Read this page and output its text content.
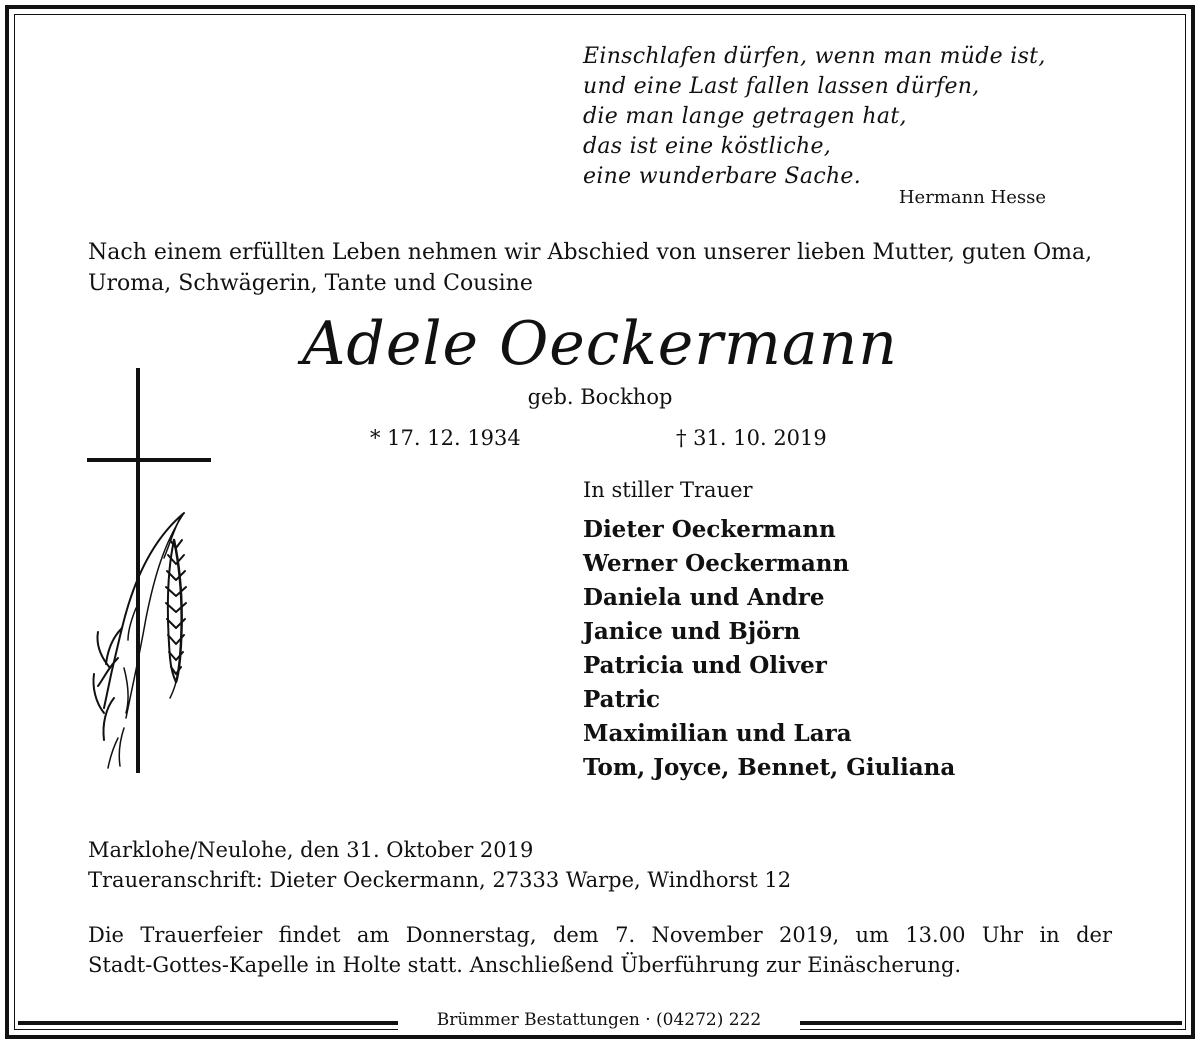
Einschlafen dürfen, wenn man müde ist,
und eine Last fallen lassen dürfen,
die man lange getragen hat,
das ist eine köstliche,
eine wunderbare Sache.
Hermann Hesse
Nach einem erfüllten Leben nehmen wir Abschied von unserer lieben Mutter, guten Oma,
Uroma, Schwägerin, Tante und Cousine
Adele Oeckermann
geb. Bockhop
* 17. 12. 1934	† 31. 10. 2019
In stiller Trauer
Dieter Oeckermann
Werner Oeckermann
Daniela und Andre
Janice und Björn
Patricia und Oliver
Patric
Maximilian und Lara
Tom, Joyce, Bennet, Giuliana
Marklohe/Neulohe, den 31. Oktober 2019
Traueranschrift: Dieter Oeckermann, 27333 Warpe, Windhorst 12
Die Trauerfeier findet am Donnerstag, dem 7. November 2019, um 13.00 Uhr in der
Stadt-Gottes-Kapelle in Holte statt. Anschließend Überführung zur Einäscherung.
Brümmer Bestattungen · (04272) 222
